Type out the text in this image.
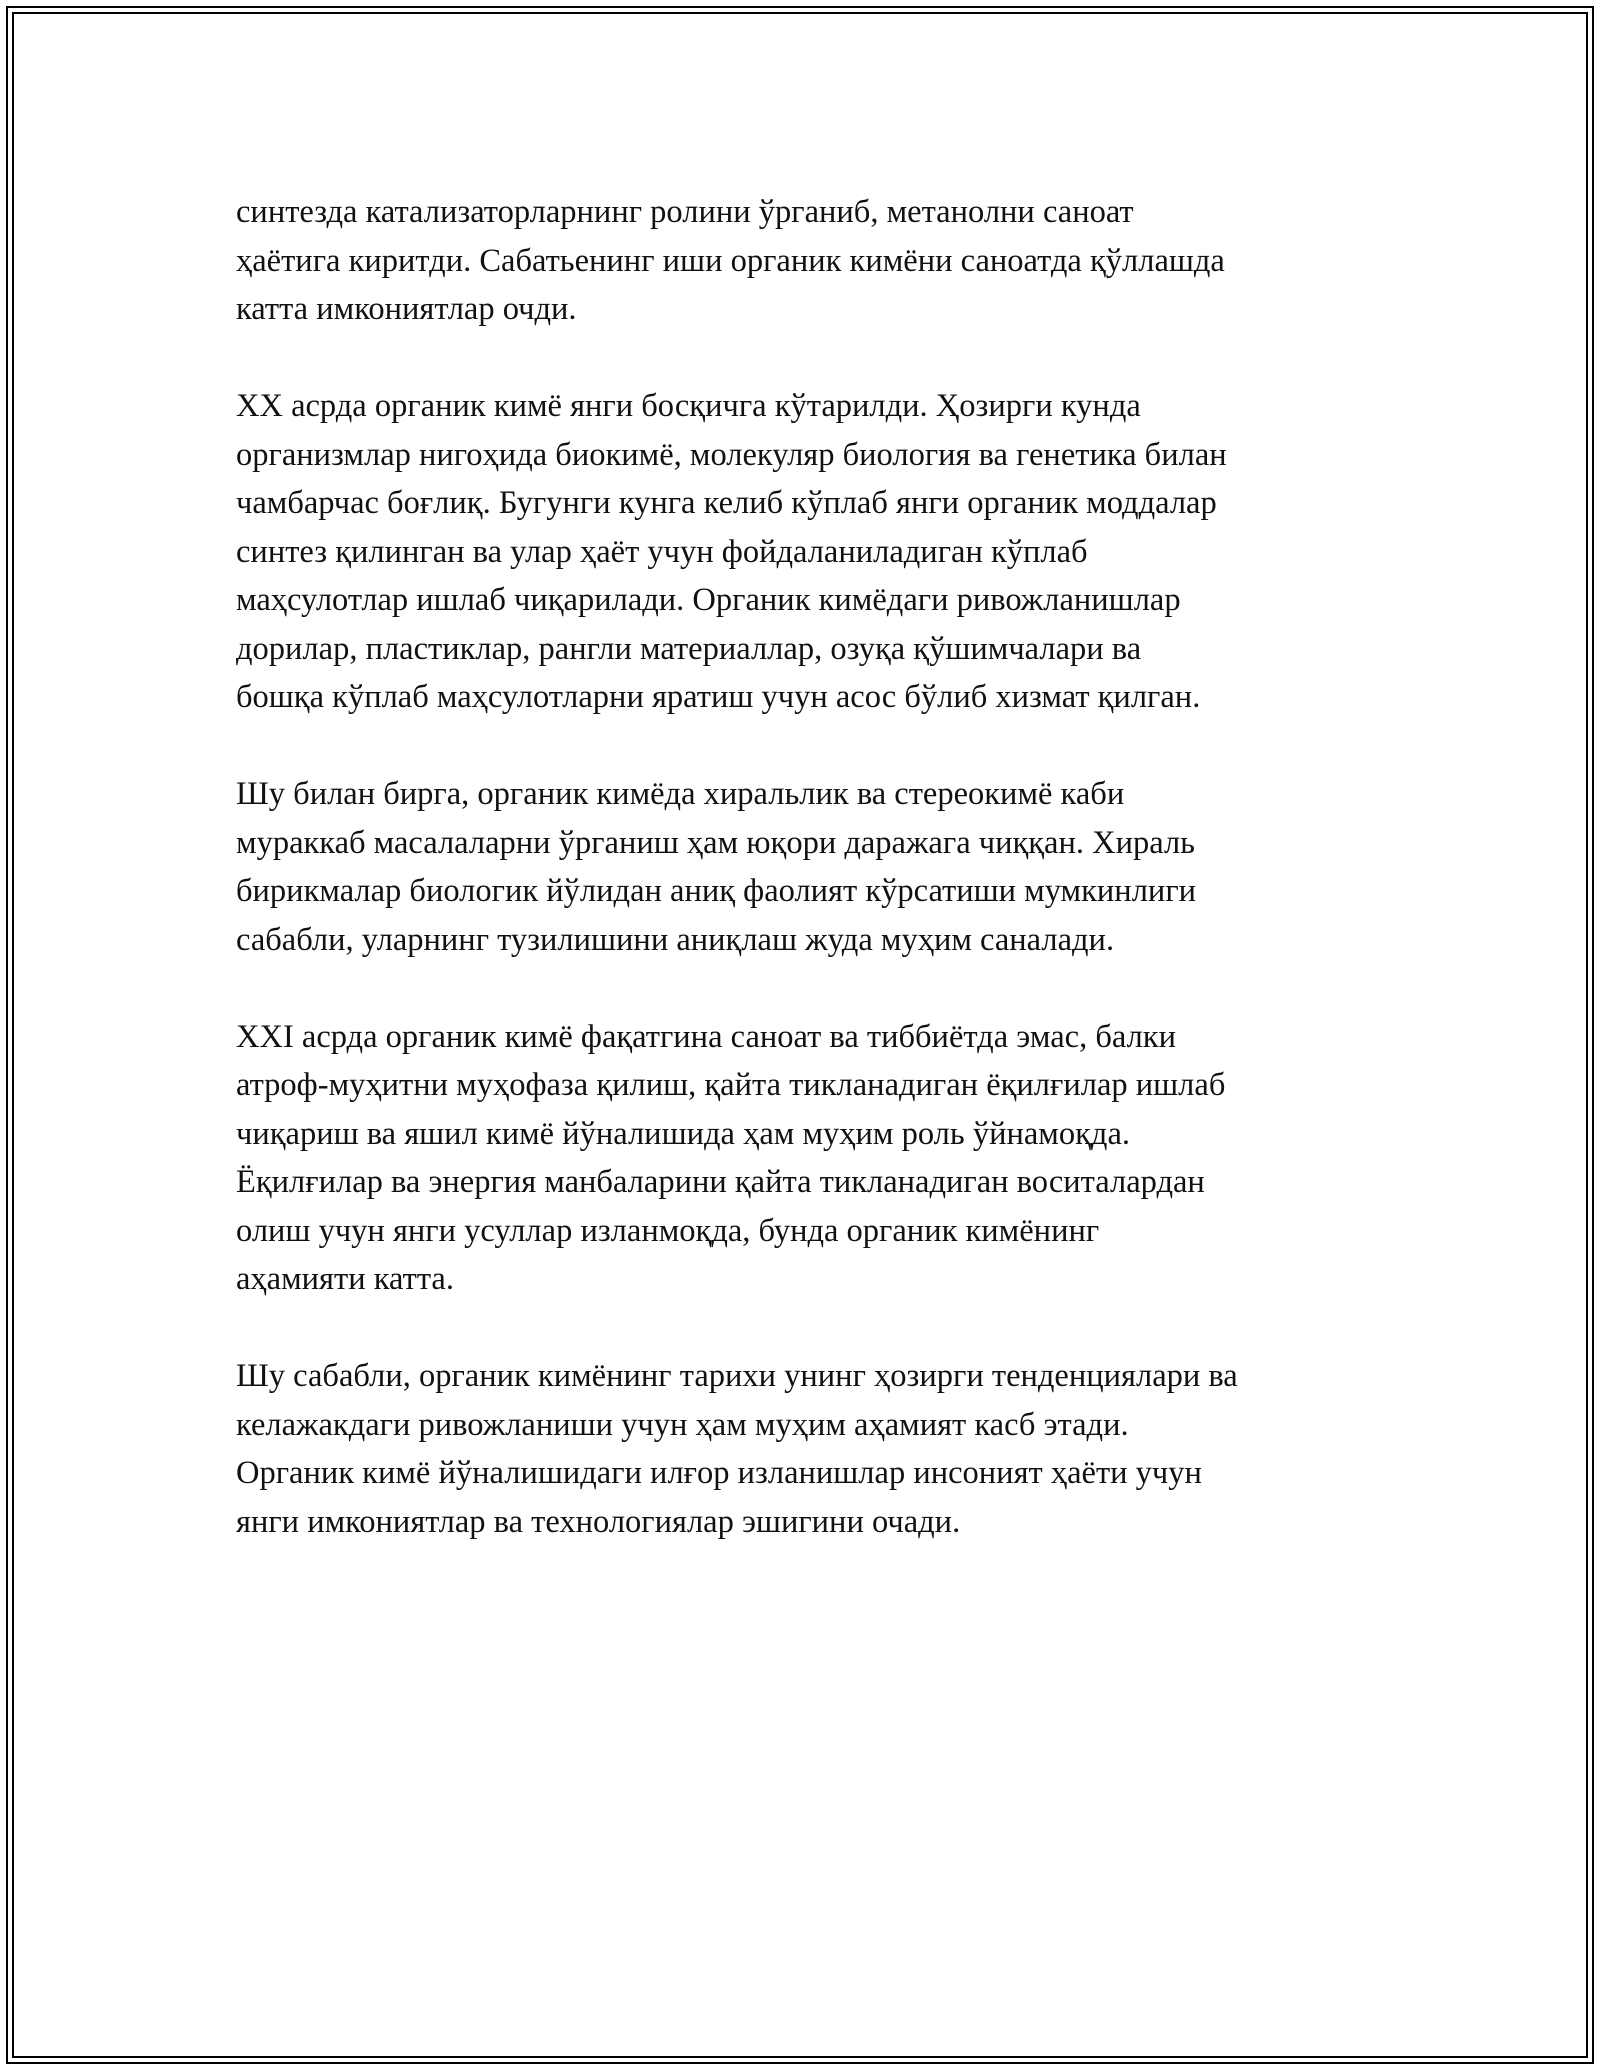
синтезда катализаторларнинг ролини ўрганиб, метанолни саноат
ҳаётига киритди. Сабатьенинг иши органик кимёни саноатда қўллашда
катта имкониятлар очди.

XX асрда органик кимё янги босқичга кўтарилди. Ҳозирги кунда
организмлар нигоҳида биокимё, молекуляр биология ва генетика билан
чамбарчас боғлиқ. Бугунги кунга келиб кўплаб янги органик моддалар
синтез қилинган ва улар ҳаёт учун фойдаланиладиган кўплаб
маҳсулотлар ишлаб чиқарилади. Органик кимёдаги ривожланишлар
дорилар, пластиклар, рангли материаллар, озуқа қўшимчалари ва
бошқа кўплаб маҳсулотларни яратиш учун асос бўлиб хизмат қилган.

Шу билан бирга, органик кимёда хиральлик ва стереокимё каби
мураккаб масалаларни ўрганиш ҳам юқори даражага чиққан. Хираль
бирикмалар биологик йўлидан аниқ фаолият кўрсатиши мумкинлиги
сабабли, уларнинг тузилишини аниқлаш жуда муҳим саналади.

XXI асрда органик кимё фақатгина саноат ва тиббиётда эмас, балки
атроф-муҳитни муҳофаза қилиш, қайта тикланадиган ёқилғилар ишлаб
чиқариш ва яшил кимё йўналишида ҳам муҳим роль ўйнамоқда.
Ёқилғилар ва энергия манбаларини қайта тикланадиган воситалардан
олиш учун янги усуллар изланмоқда, бунда органик кимёнинг
аҳамияти катта.

Шу сабабли, органик кимёнинг тарихи унинг ҳозирги тенденциялари ва
келажакдаги ривожланиши учун ҳам муҳим аҳамият касб этади.
Органик кимё йўналишидаги илғор изланишлар инсоният ҳаёти учун
янги имкониятлар ва технологиялар эшигини очади.
